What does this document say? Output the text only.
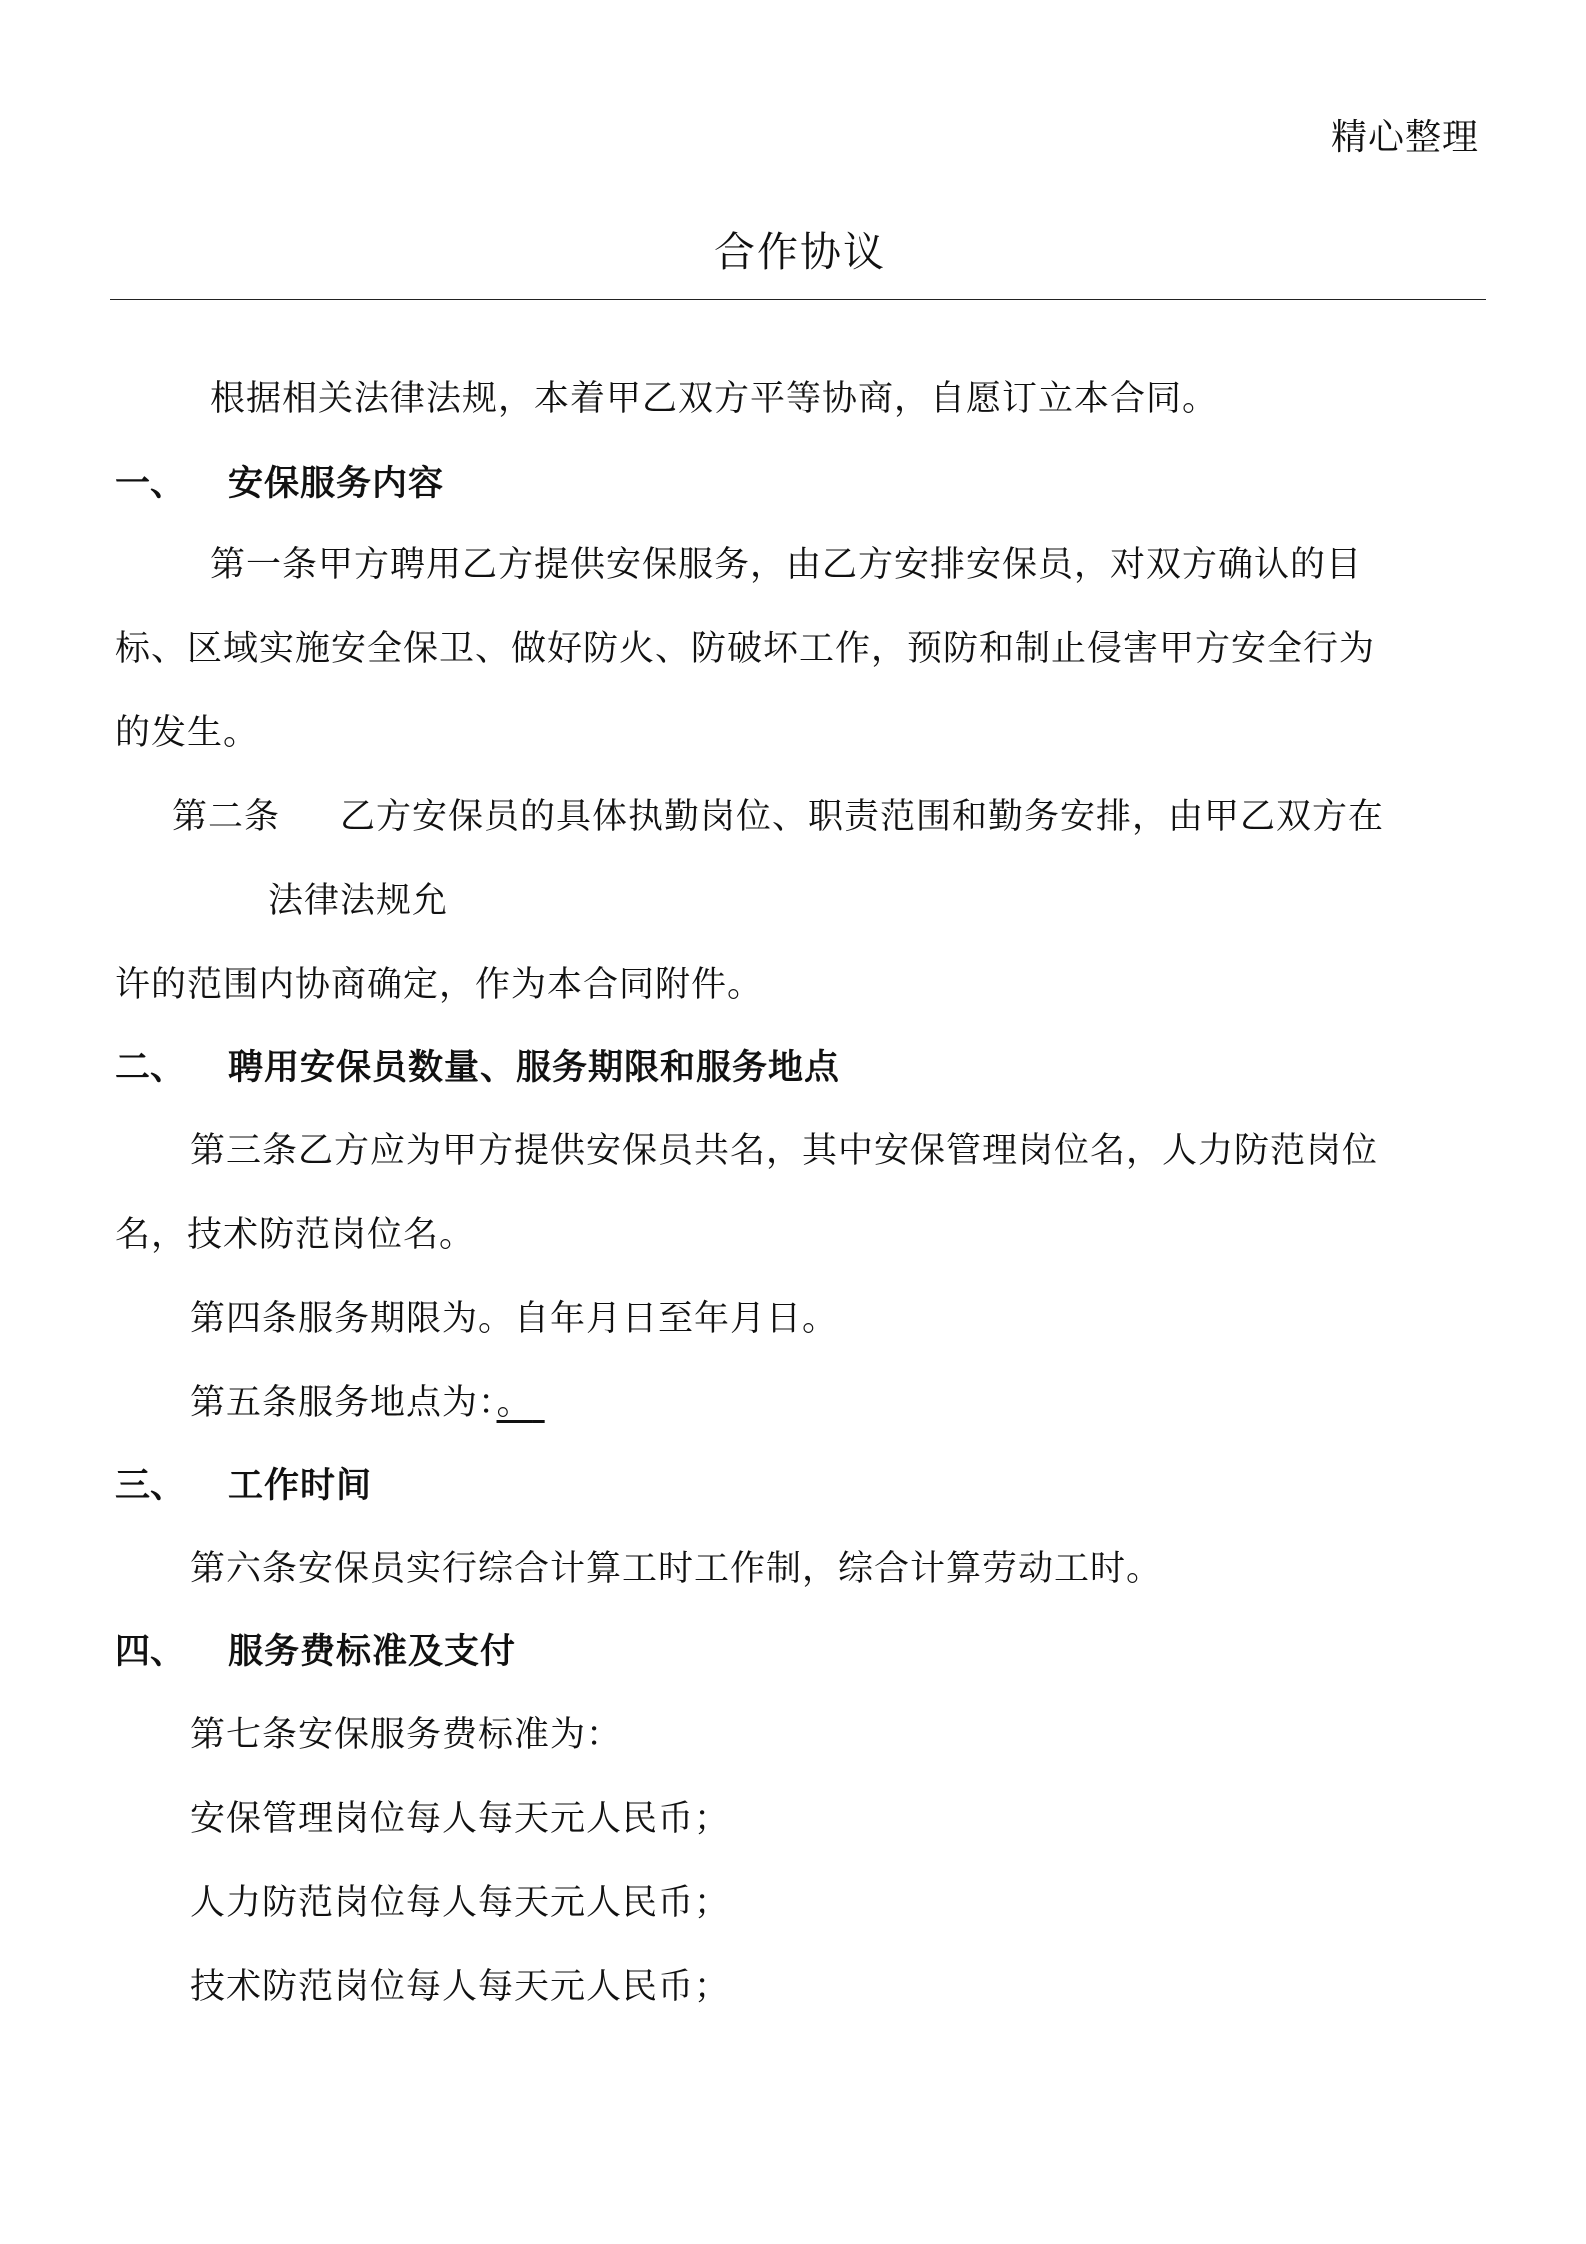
精心整理
合作协议
根据相关法律法规，本着甲乙双方平等协商，自愿订立本合同。
一、 安保服务内容
第一条甲方聘用乙方提供安保服务，由乙方安排安保员，对双方确认的目
标、区域实施安全保卫、做好防火、防破坏工作，预防和制止侵害甲方安全行为
的发生。
第二条 乙方安保员的具体执勤岗位、职责范围和勤务安排，由甲乙双方在
法律法规允
许的范围内协商确定，作为本合同附件。
二、 聘用安保员数量、服务期限和服务地点
第三条乙方应为甲方提供安保员共名，其中安保管理岗位名，人力防范岗位
名，技术防范岗位名。
第四条服务期限为。自年月日至年月日。
第五条服务地点为：。
三、 工作时间
第六条安保员实行综合计算工时工作制，综合计算劳动工时。
四、 服务费标准及支付
第七条安保服务费标准为：
安保管理岗位每人每天元人民币；
人力防范岗位每人每天元人民币；
技术防范岗位每人每天元人民币；
